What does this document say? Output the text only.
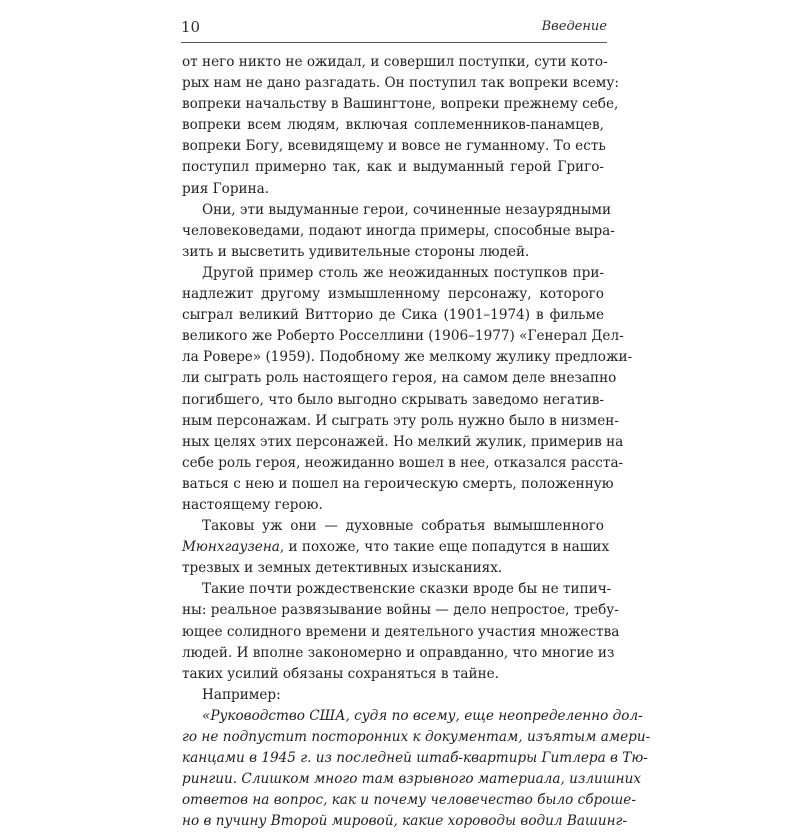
10	Введение
от него никто не ожидал, и совершил поступки, сути кото-
рых нам не дано разгадать. Он поступил так вопреки всему:
вопреки начальству в Вашингтоне, вопреки прежнему себе,
вопреки всем людям, включая соплеменников-панамцев,
вопреки Богу, всевидящему и вовсе не гуманному. То есть
поступил примерно так, как и выдуманный герой Григо-
рия Горина.
Они, эти выдуманные герои, сочиненные незаурядными
человековедами, подают иногда примеры, способные выра-
зить и высветить удивительные стороны людей.
Другой пример столь же неожиданных поступков при-
надлежит другому измышленному персонажу, которого
сыграл великий Витторио де Сика (1901–1974) в фильме
великого же Роберто Росселлини (1906–1977) «Генерал Дел-
ла Ровере» (1959). Подобному же мелкому жулику предложи-
ли сыграть роль настоящего героя, на самом деле внезапно
погибшего, что было выгодно скрывать заведомо негатив-
ным персонажам. И сыграть эту роль нужно было в низмен-
ных целях этих персонажей. Но мелкий жулик, примерив на
себе роль героя, неожиданно вошел в нее, отказался расста-
ваться с нею и пошел на героическую смерть, положенную
настоящему герою.
Таковы уж они — духовные собратья вымышленного
Мюнхгаузена, и похоже, что такие еще попадутся в наших
трезвых и земных детективных изысканиях.
Такие почти рождественские сказки вроде бы не типич-
ны: реальное развязывание войны — дело непростое, требу-
ющее солидного времени и деятельного участия множества
людей. И вполне закономерно и оправданно, что многие из
таких усилий обязаны сохраняться в тайне.
Например:
«Руководство США, судя по всему, еще неопределенно дол-
го не подпустит посторонних к документам, изъятым амери-
канцами в 1945 г. из последней штаб-квартиры Гитлера в Тю-
рингии. Слишком много там взрывного материала, излишних
ответов на вопрос, как и почему человечество было сброше-
но в пучину Второй мировой, какие хороводы водил Вашинг-
